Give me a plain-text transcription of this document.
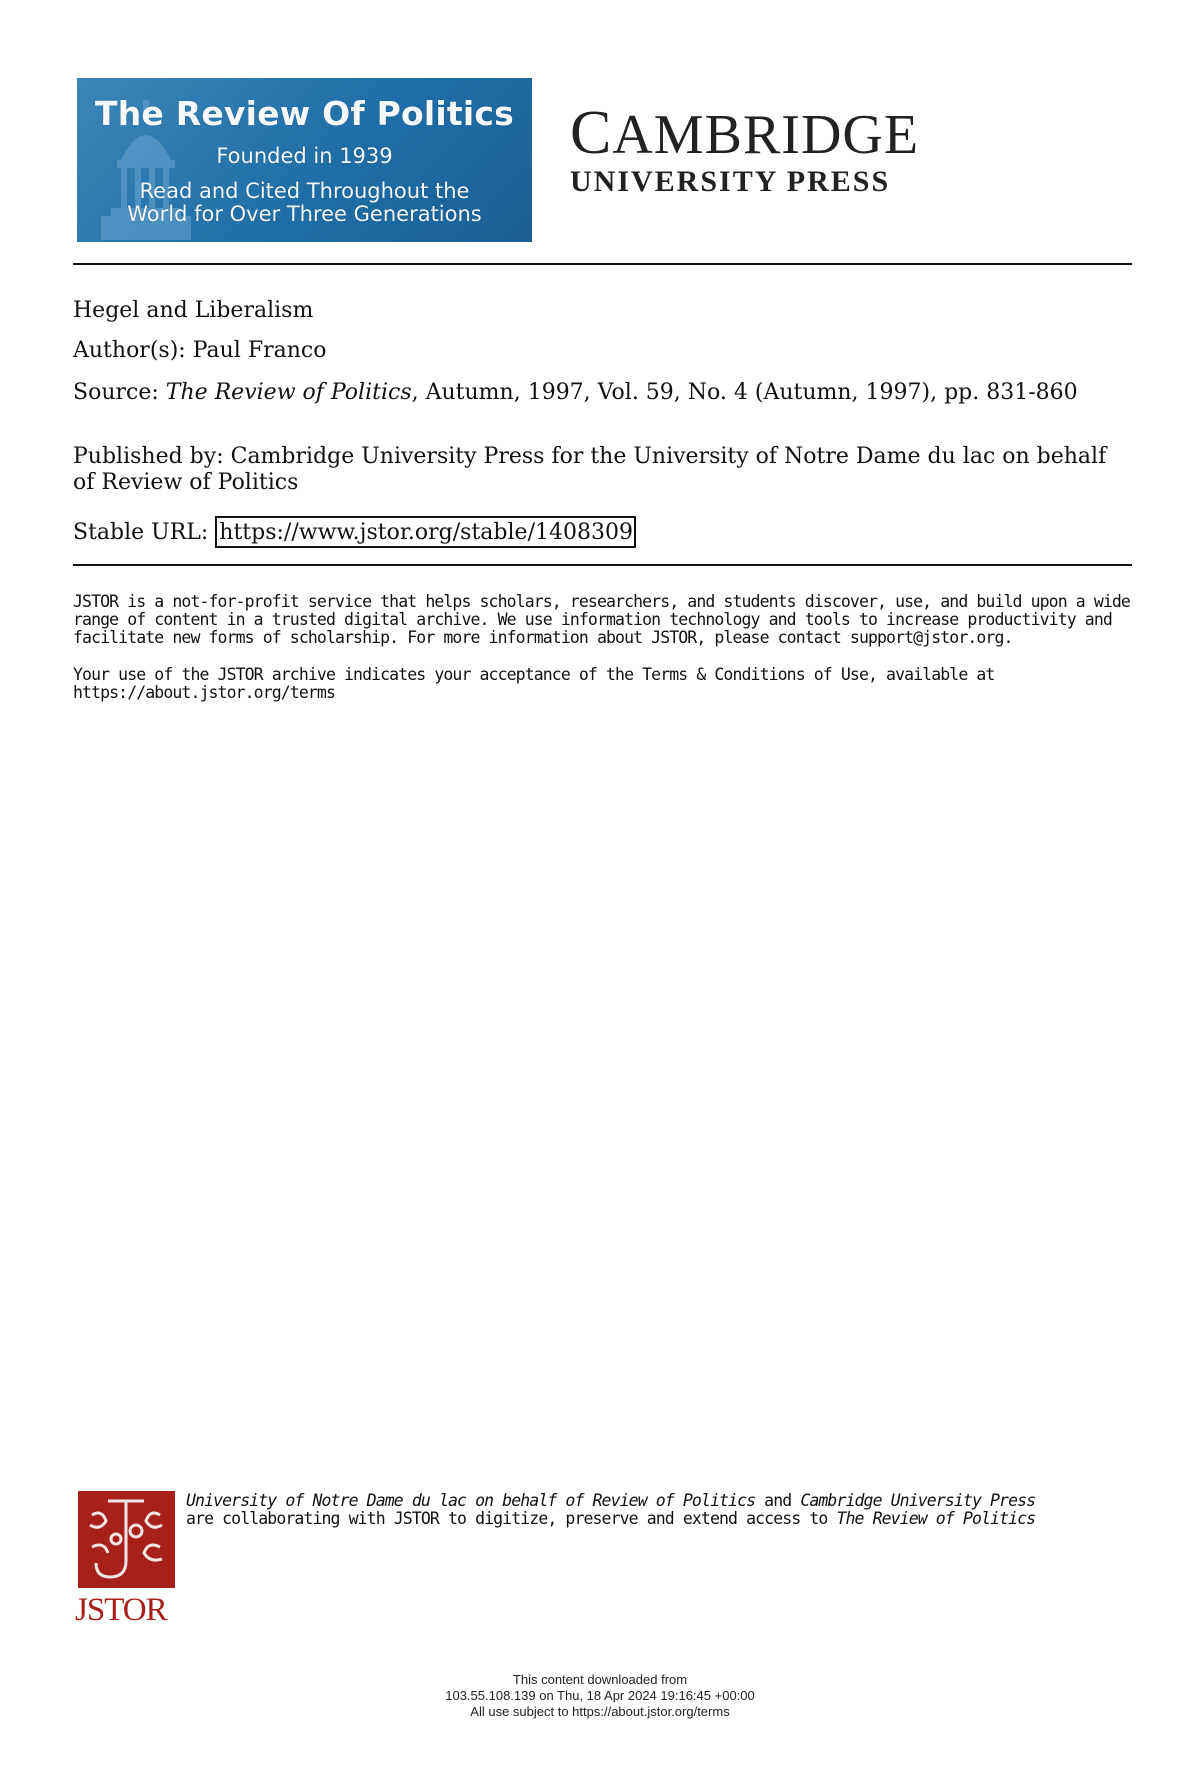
The Review Of Politics
Founded in 1939
Read and Cited Throughout the
World for Over Three Generations
CAMBRIDGE
UNIVERSITY PRESS
Hegel and Liberalism
Author(s): Paul Franco
Source: The Review of Politics, Autumn, 1997, Vol. 59, No. 4 (Autumn, 1997), pp. 831-860
Published by: Cambridge University Press for the University of Notre Dame du lac on behalf of Review of Politics
Stable URL: https://www.jstor.org/stable/1408309
JSTOR is a not-for-profit service that helps scholars, researchers, and students discover, use, and build upon a wide range of content in a trusted digital archive. We use information technology and tools to increase productivity and facilitate new forms of scholarship. For more information about JSTOR, please contact support@jstor.org.
Your use of the JSTOR archive indicates your acceptance of the Terms & Conditions of Use, available at https://about.jstor.org/terms
JSTOR
University of Notre Dame du lac on behalf of Review of Politics and Cambridge University Press are collaborating with JSTOR to digitize, preserve and extend access to The Review of Politics
This content downloaded from
103.55.108.139 on Thu, 18 Apr 2024 19:16:45 +00:00
All use subject to https://about.jstor.org/terms
